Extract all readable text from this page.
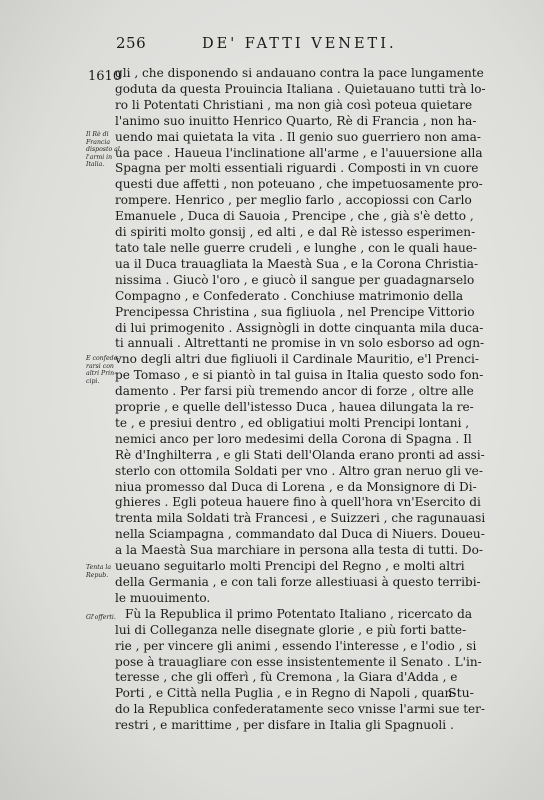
256	DE' FATTI VENETI.
1610
Il Rè di
Francia
disposto al
l'armi in
Italia.
E confede-
rarsi con
altri Prin-
cipi.
Tenta la
Repub.
Gl'offerti.
gli , che disponendo si andauano contra la pace lungamente
goduta da questa Prouincia Italiana . Quietauano tutti trà lo-
ro li Potentati Christiani , ma non già così poteua quietare
l'animo suo inuitto Henrico Quarto, Rè di Francia , non ha-
uendo mai quietata la vita . Il genio suo guerriero non ama-
ua pace . Haueua l'inclinatione all'arme , e l'auuersione alla
Spagna per molti essentiali riguardi . Composti in vn cuore
questi due affetti , non poteuano , che impetuosamente pro-
rompere. Henrico , per meglio farlo , accopiossi con Carlo
Emanuele , Duca di Sauoia , Prencipe , che , già s'è detto ,
di spiriti molto gonsij , ed alti , e dal Rè istesso esperimen-
tato tale nelle guerre crudeli , e lunghe , con le quali haue-
ua il Duca trauagliata la Maestà Sua , e la Corona Christia-
nissima . Giucò l'oro , e giucò il sangue per guadagnarselo
Compagno , e Confederato . Conchiuse matrimonio della
Prencipessa Christina , sua figliuola , nel Prencipe Vittorio
di lui primogenito . Assignògli in dotte cinquanta mila duca-
ti annuali . Altrettanti ne promise in vn solo esborso ad ogn-
vno degli altri due figliuoli il Cardinale Mauritio, e'l Prenci-
pe Tomaso , e si piantò in tal guisa in Italia questo sodo fon-
damento . Per farsi più tremendo ancor di forze , oltre alle
proprie , e quelle dell'istesso Duca , hauea dilungata la re-
te , e presiui dentro , ed obligatiui molti Prencipi lontani ,
nemici anco per loro medesimi della Corona di Spagna . Il
Rè d'Inghilterra , e gli Stati dell'Olanda erano pronti ad assi-
sterlo con ottomila Soldati per vno . Altro gran neruo gli ve-
niua promesso dal Duca di Lorena , e da Monsignore di Di-
ghieres . Egli poteua hauere fino à quell'hora vn'Esercito di
trenta mila Soldati trà Francesi , e Suizzeri , che ragunauasi
nella Sciampagna , commandato dal Duca di Niuers. Doueu-
a la Maestà Sua marchiare in persona alla testa di tutti. Do-
ueuano seguitarlo molti Prencipi del Regno , e molti altri
della Germania , e con tali forze allestiuasi à questo terribi-
le muouimento.
Fù la Republica il primo Potentato Italiano , ricercato da
lui di Colleganza nelle disegnate glorie , e più forti batte-
rie , per vincere gli animi , essendo l'interesse , e l'odio , si
pose à trauagliare con esse insistentemente il Senato . L'in-
teresse , che gli offerì , fù Cremona , la Giara d'Adda , e
Porti , e Città nella Puglia , e in Regno di Napoli , quan-
do la Republica confederatamente seco vnisse l'armi sue ter-
restri , e marittime , per disfare in Italia gli Spagnuoli .
Stu-
